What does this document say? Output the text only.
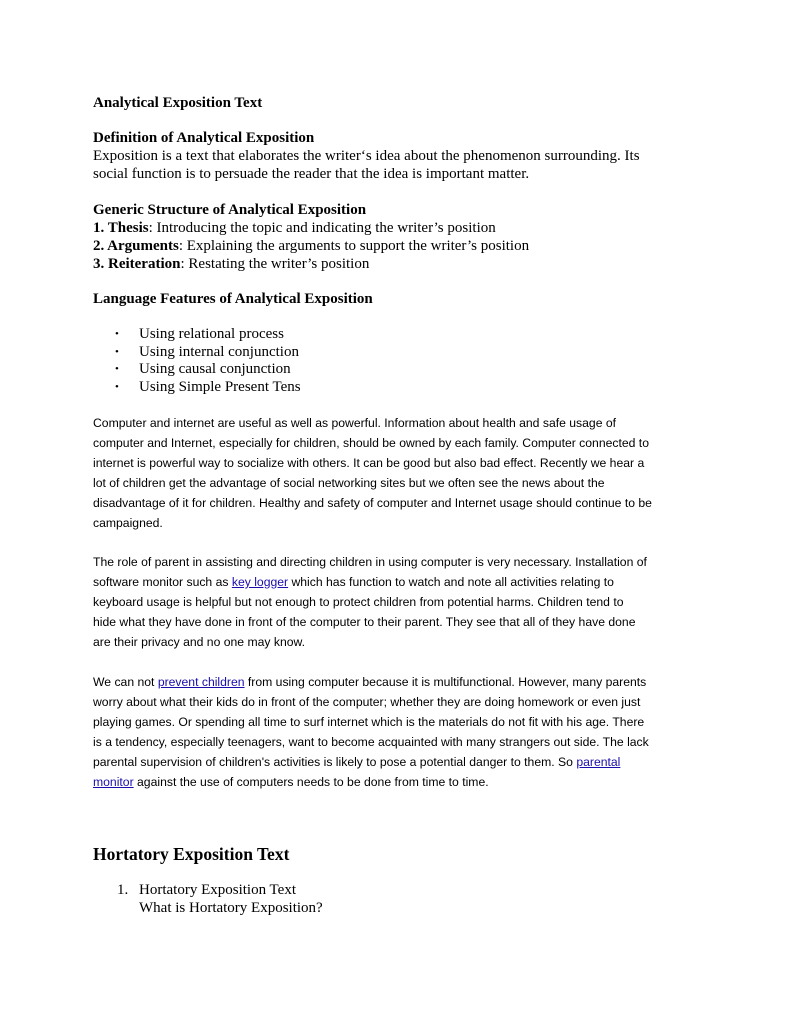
Analytical Exposition Text
Definition of Analytical Exposition
Exposition is a text that elaborates the writer‘s idea about the phenomenon surrounding. Its
social function is to persuade the reader that the idea is important matter.
Generic Structure of Analytical Exposition
1. Thesis: Introducing the topic and indicating the writer’s position
2. Arguments: Explaining the arguments to support the writer’s position
3. Reiteration: Restating the writer’s position
Language Features of Analytical Exposition
• Using relational process
• Using internal conjunction
• Using causal conjunction
• Using Simple Present Tens
Computer and internet are useful as well as powerful. Information about health and safe usage of
computer and Internet, especially for children, should be owned by each family. Computer connected to
internet is powerful way to socialize with others. It can be good but also bad effect. Recently we hear a
lot of children get the advantage of social networking sites but we often see the news about the
disadvantage of it for children. Healthy and safety of computer and Internet usage should continue to be
campaigned.
The role of parent in assisting and directing children in using computer is very necessary. Installation of
software monitor such as key logger which has function to watch and note all activities relating to
keyboard usage is helpful but not enough to protect children from potential harms. Children tend to
hide what they have done in front of the computer to their parent. They see that all of they have done
are their privacy and no one may know.
We can not prevent children from using computer because it is multifunctional. However, many parents
worry about what their kids do in front of the computer; whether they are doing homework or even just
playing games. Or spending all time to surf internet which is the materials do not fit with his age. There
is a tendency, especially teenagers, want to become acquainted with many strangers out side. The lack
parental supervision of children's activities is likely to pose a potential danger to them. So parental
monitor against the use of computers needs to be done from time to time.
Hortatory Exposition Text
1. Hortatory Exposition Text
What is Hortatory Exposition?
